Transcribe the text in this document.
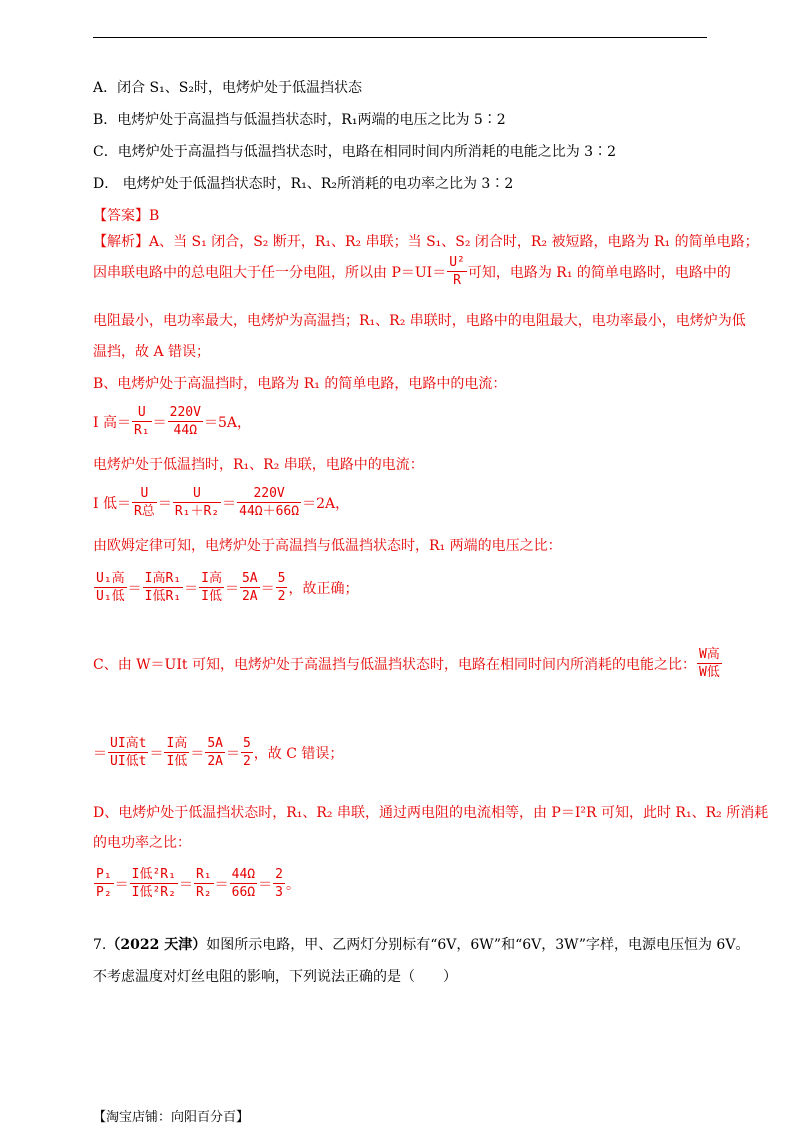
A．闭合 S₁、S₂时，电烤炉处于低温挡状态
B．电烤炉处于高温挡与低温挡状态时，R₁两端的电压之比为 5∶2
C．电烤炉处于高温挡与低温挡状态时，电路在相同时间内所消耗的电能之比为 3∶2
D． 电烤炉处于低温挡状态时，R₁、R₂所消耗的电功率之比为 3∶2
【答案】B
【解析】A、当 S₁ 闭合，S₂ 断开，R₁、R₂ 串联；当 S₁、S₂ 闭合时，R₂ 被短路，电路为 R₁ 的简单电路；
因串联电路中的总电阻大于任一分电阻，所以由 $P=UI= \frac{\text{U²}}{R}$ 可知，电路为 R₁ 的简单电路时，电路中的
电阻最小，电功率最大，电烤炉为高温挡；R₁、R₂ 串联时，电路中的电阻最大，电功率最小，电烤炉为低
温挡，故 A 错误；
B、电烤炉处于高温挡时，电路为 R₁ 的简单电路，电路中的电流：
I 高＝ $\frac{U}{\text{R₁}} = \frac{220V}{44\Omega} =5A$，
电烤炉处于低温挡时，R₁、R₂ 串联，电路中的电流：
I 低＝ $\frac{U}{\text{R总}} = \frac{U}{\text{R₁＋R₂}} = \frac{220V}{44\Omega+66\Omega} =2A$，
由欧姆定律可知，电烤炉处于高温挡与低温挡状态时，R₁ 两端的电压之比：
$\frac{\text{U₁高}}{\text{U₁低}} = \frac{\text{I高R₁}}{\text{I低R₁}} = \frac{\text{I高}}{\text{I低}} = \frac{5A}{2A} = \frac{5}{2}$ ，故正确；
C、由 W＝UIt 可知，电烤炉处于高温挡与低温挡状态时，电路在相同时间内所消耗的电能之比： $\frac{\text{W高}}{\text{W低}}$
＝ $\frac{\text{UI高t}}{\text{UI低t}} = \frac{\text{I高}}{\text{I低}} = \frac{5A}{2A} = \frac{5}{2}$ ，故 C 错误；
D、电烤炉处于低温挡状态时，R₁、R₂ 串联，通过两电阻的电流相等，由 P＝I²R 可知，此时 R₁、R₂ 所消耗
的电功率之比：
$\frac{\text{P₁}}{\text{P₂}} = \frac{\text{I低²R₁}}{\text{I低²R₂}} = \frac{\text{R₁}}{\text{R₂}} = \frac{44\Omega}{66\Omega} = \frac{2}{3}$ 。
7.（2022 天津）如图所示电路，甲、乙两灯分别标有“6V，6W”和“6V，3W”字样，电源电压恒为 6V。
不考虑温度对灯丝电阻的影响，下列说法正确的是（　　）
【淘宝店铺：向阳百分百】
